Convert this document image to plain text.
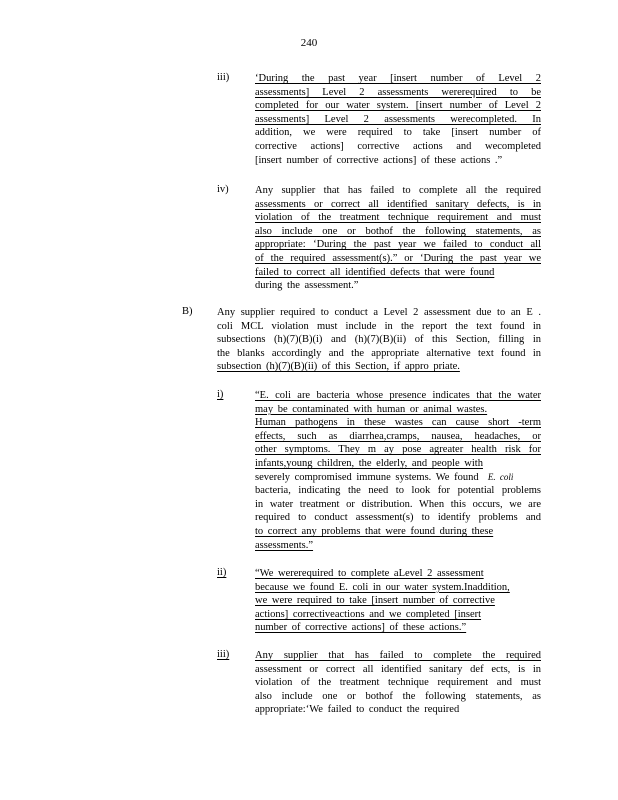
240
iii) ‘During the past year [insert number of Level 2
assessments] Level 2 assessments wererequired to be
completed for our water system. [insert number of Level 2
assessments] Level 2 assessments werecompleted. In
addition, we were required to take [insert number of
corrective actions] corrective actions and wecompleted
[insert number of corrective actions] of these actions .”
iv)	Any supplier that has failed to complete all the required
assessments or correct all identified sanitary defects, is in
violation of the treatment technique requirement and must
also include one or bothof the following statements, as
appropriate: ‘During the past year we failed to conduct all
of the required assessment(s).” or ‘During the past year we
failed to correct all identified defects that were found
during the assessment.”
B) Any supplier required to conduct a Level 2 assessment due to an E .
coli MCL violation must include in the report the text found in
subsections (h)(7)(B)(i) and (h)(7)(B)(ii) of this Section, filling in
the blanks accordingly and the appropriate alternative text found in
subsection (h)(7)(B)(ii) of this Section, if appro priate.
i)	“E. coli are bacteria whose presence indicates that the water
may be contaminated with human or animal wastes.
Human pathogens in these wastes can cause short -term
effects, such as diarrhea,cramps, nausea, headaches, or
other symptoms. They m ay pose agreater health risk for
infants,young children, the elderly, and people with
severely compromised immune systems. We found E. coli
bacteria, indicating the need to look for potential problems
in water treatment or distribution. When this occurs, we are
required to conduct assessment(s) to identify problems and
to correct any problems that were found during these
assessments.”
ii)	“We wererequired to complete aLevel 2 assessment
because we found E. coli in our water system.Inaddition,
we were required to take [insert number of corrective
actions] correctiveactions and we completed [insert
number of corrective actions] of these actions.”
iii) Any supplier that has failed to complete the required
assessment or correct all identified sanitary def ects, is in
violation of the treatment technique requirement and must
also include one or bothof the following statements, as
appropriate:‘We failed to conduct the required
